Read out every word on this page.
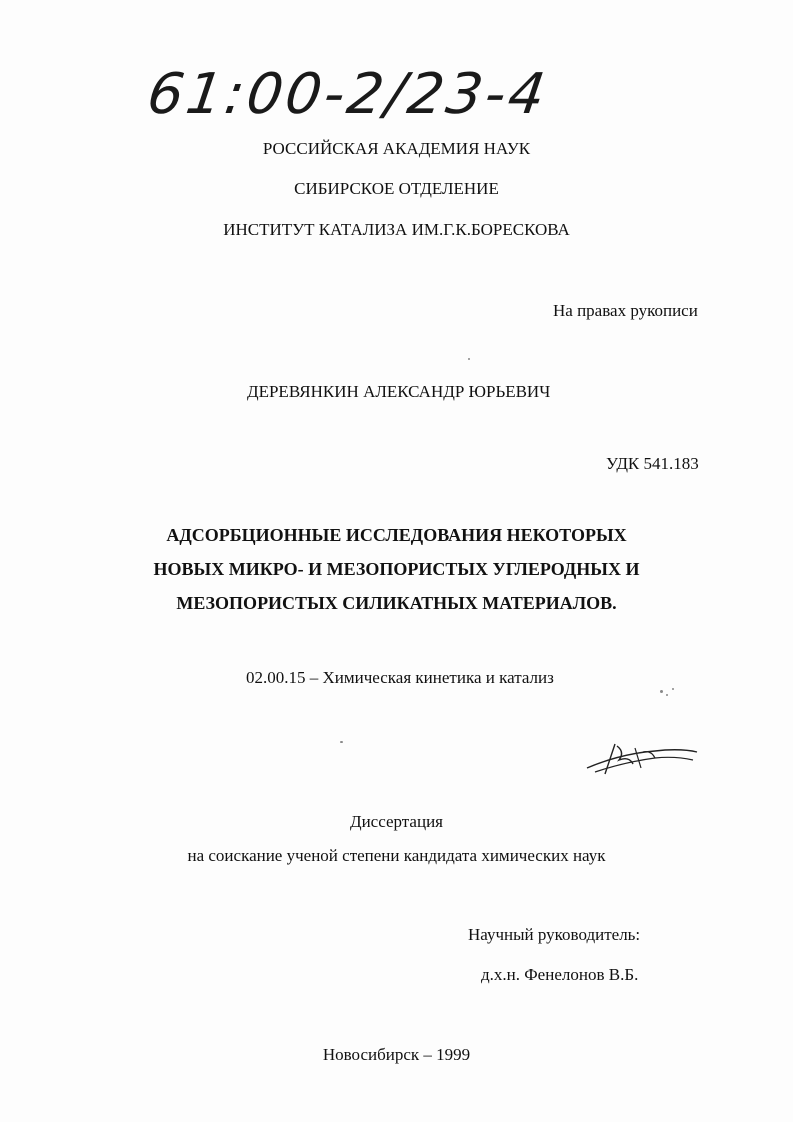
61:00-2/23-4
РОССИЙСКАЯ АКАДЕМИЯ НАУК
СИБИРСКОЕ ОТДЕЛЕНИЕ
ИНСТИТУТ КАТАЛИЗА ИМ.Г.К.БОРЕСКОВА
На правах рукописи
ДЕРЕВЯНКИН АЛЕКСАНДР ЮРЬЕВИЧ
УДК 541.183
АДСОРБЦИОННЫЕ ИССЛЕДОВАНИЯ НЕКОТОРЫХ
НОВЫХ МИКРО- И МЕЗОПОРИСТЫХ УГЛЕРОДНЫХ И
МЕЗОПОРИСТЫХ СИЛИКАТНЫХ МАТЕРИАЛОВ.
02.00.15 – Химическая кинетика и катализ
Диссертация
на соискание ученой степени кандидата химических наук
Научный руководитель:
д.х.н. Фенелонов В.Б.
Новосибирск – 1999
